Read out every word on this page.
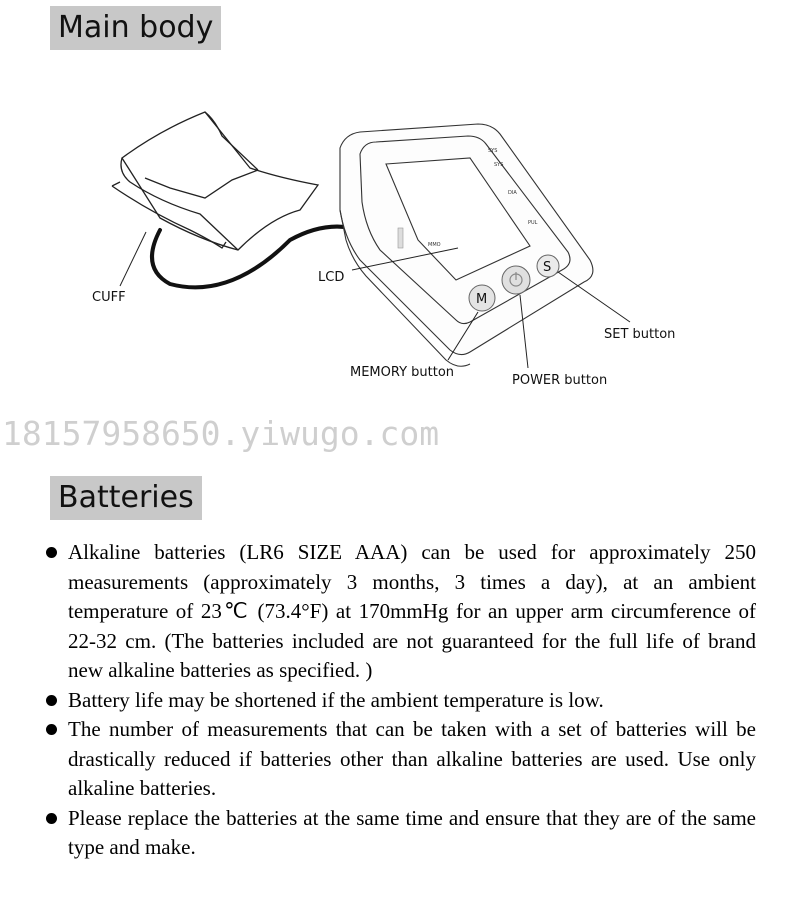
Main body
SYS
SYS
DIA
PUL
MMO
M
S
CUFF
LCD
SET button
MEMORY button
POWER button
18157958650.yiwugo.com
Batteries
Alkaline batteries (LR6 SIZE AAA) can be used for approximately 250 measurements (approximately 3 months, 3 times a day), at an ambient temperature of 23℃ (73.4°F) at 170mmHg for an upper arm circumference of 22-32 cm. (The batteries included are not guaranteed for the full life of brand new alkaline batteries as specified. )
Battery life may be shortened if the ambient temperature is low.
The number of measurements that can be taken with a set of batteries will be drastically reduced if batteries other than alkaline batteries are used. Use only alkaline batteries.
Please replace the batteries at the same time and ensure that they are of the same type and make.
